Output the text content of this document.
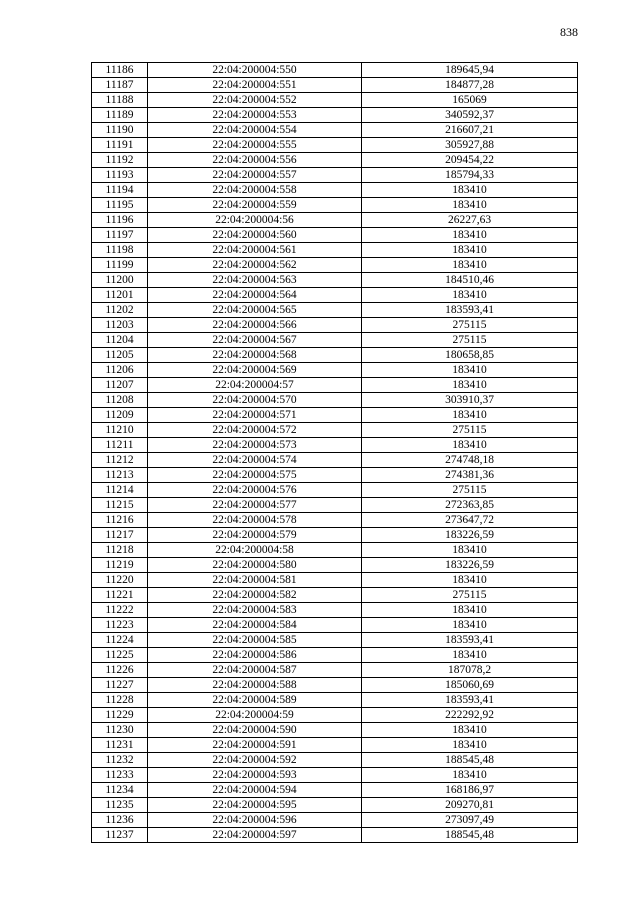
838
11186	22:04:200004:550	189645,94
11187	22:04:200004:551	184877,28
11188	22:04:200004:552	165069
11189	22:04:200004:553	340592,37
11190	22:04:200004:554	216607,21
11191	22:04:200004:555	305927,88
11192	22:04:200004:556	209454,22
11193	22:04:200004:557	185794,33
11194	22:04:200004:558	183410
11195	22:04:200004:559	183410
11196	22:04:200004:56	26227,63
11197	22:04:200004:560	183410
11198	22:04:200004:561	183410
11199	22:04:200004:562	183410
11200	22:04:200004:563	184510,46
11201	22:04:200004:564	183410
11202	22:04:200004:565	183593,41
11203	22:04:200004:566	275115
11204	22:04:200004:567	275115
11205	22:04:200004:568	180658,85
11206	22:04:200004:569	183410
11207	22:04:200004:57	183410
11208	22:04:200004:570	303910,37
11209	22:04:200004:571	183410
11210	22:04:200004:572	275115
11211	22:04:200004:573	183410
11212	22:04:200004:574	274748,18
11213	22:04:200004:575	274381,36
11214	22:04:200004:576	275115
11215	22:04:200004:577	272363,85
11216	22:04:200004:578	273647,72
11217	22:04:200004:579	183226,59
11218	22:04:200004:58	183410
11219	22:04:200004:580	183226,59
11220	22:04:200004:581	183410
11221	22:04:200004:582	275115
11222	22:04:200004:583	183410
11223	22:04:200004:584	183410
11224	22:04:200004:585	183593,41
11225	22:04:200004:586	183410
11226	22:04:200004:587	187078,2
11227	22:04:200004:588	185060,69
11228	22:04:200004:589	183593,41
11229	22:04:200004:59	222292,92
11230	22:04:200004:590	183410
11231	22:04:200004:591	183410
11232	22:04:200004:592	188545,48
11233	22:04:200004:593	183410
11234	22:04:200004:594	168186,97
11235	22:04:200004:595	209270,81
11236	22:04:200004:596	273097,49
11237	22:04:200004:597	188545,48
